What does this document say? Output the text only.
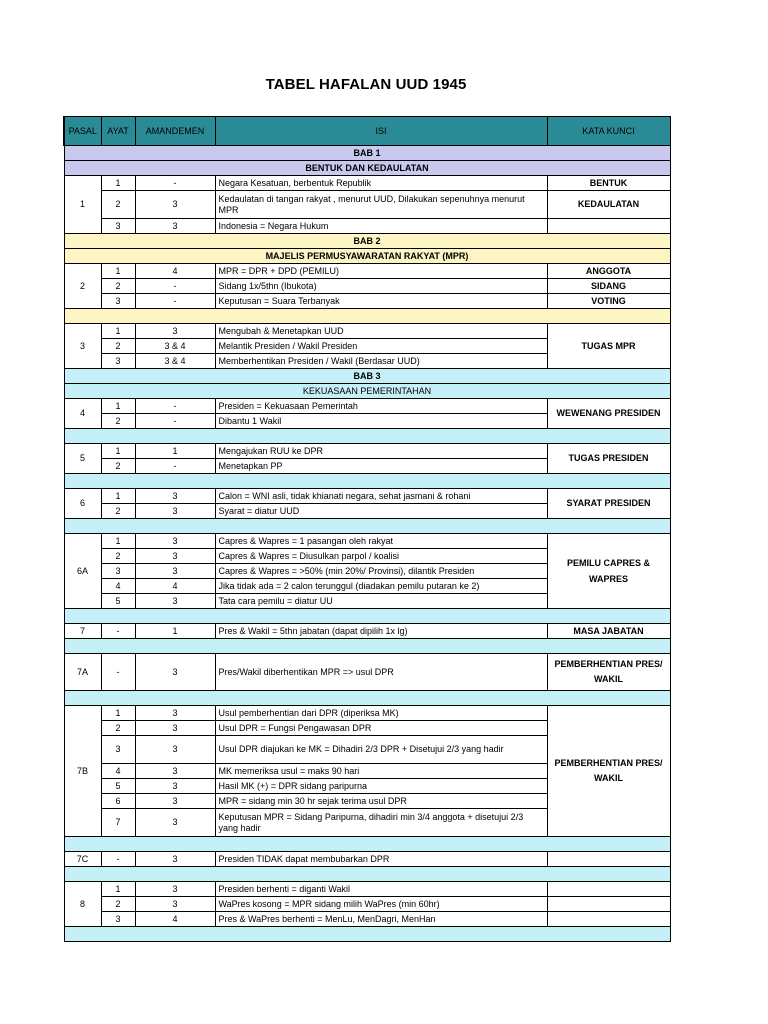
TABEL HAFALAN UUD 1945
PASAL	AYAT	AMANDEMEN	ISI	KATA KUNCI
BAB 1				
BENTUK DAN KEDAULATAN				
1	1	-	Negara Kesatuan, berbentuk Republik	BENTUK
	2	3	Kedaulatan di tangan rakyat , menurut UUD, Dilakukan sepenuhnya menurut MPR	KEDAULATAN
	3	3	Indonesia = Negara Hukum	
BAB 2				
MAJELIS PERMUSYAWARATAN RAKYAT (MPR)				
2	1	4	MPR = DPR + DPD (PEMILU)	ANGGOTA
	2	-	Sidang 1x/5thn (Ibukota)	SIDANG
	3	-	Keputusan = Suara Terbanyak	VOTING

3	1	3	Mengubah & Menetapkan UUD	TUGAS MPR
	2	3 & 4	Melantik Presiden / Wakil Presiden	
	3	3 & 4	Memberhentikan Presiden / Wakil (Berdasar UUD)	
BAB 3				
KEKUASAAN PEMERINTAHAN				
4	1	-	Presiden = Kekuasaan Pemerintah	WEWENANG PRESIDEN
	2	-	Dibantu 1 Wakil	

5	1	1	Mengajukan RUU ke DPR	TUGAS PRESIDEN
	2	-	Menetapkan PP	

6	1	3	Calon = WNI asli, tidak khianati negara, sehat jasmani & rohani	SYARAT PRESIDEN
	2	3	Syarat = diatur UUD	

6A	1	3	Capres & Wapres = 1 pasangan oleh rakyat	PEMILU CAPRES & WAPRES
	2	3	Capres & Wapres = Diusulkan parpol / koalisi	
	3	3	Capres & Wapres = >50% (min 20%/ Provinsi), dilantik Presiden	
	4	4	Jika tidak ada = 2 calon terunggul (diadakan pemilu putaran ke 2)	
	5	3	Tata cara pemilu = diatur UU	

7	-	1	Pres & Wakil = 5thn jabatan (dapat dipilih 1x lg)	MASA JABATAN

7A	-	3	Pres/Wakil diberhentikan MPR => usul DPR	PEMBERHENTIAN PRES/ WAKIL

7B	1	3	Usul pemberhentian dari DPR (diperiksa MK)	PEMBERHENTIAN PRES/ WAKIL
	2	3	Usul DPR = Fungsi Pengawasan DPR	
	3	3	Usul DPR diajukan ke MK = Dihadiri 2/3 DPR + Disetujui 2/3 yang hadir	
	4	3	MK memeriksa usul = maks 90 hari	
	5	3	Hasil MK (+) = DPR sidang paripurna	
	6	3	MPR = sidang min 30 hr sejak terima usul DPR	
	7	3	Keputusan MPR = Sidang Paripurna, dihadiri min 3/4 anggota + disetujui 2/3 yang hadir	

7C	-	3	Presiden TIDAK dapat membubarkan DPR	

8	1	3	Presiden berhenti = diganti Wakil	
	2	3	WaPres kosong = MPR sidang milih WaPres (min 60hr)	
	3	4	Pres & WaPres berhenti = MenLu, MenDagri, MenHan	
